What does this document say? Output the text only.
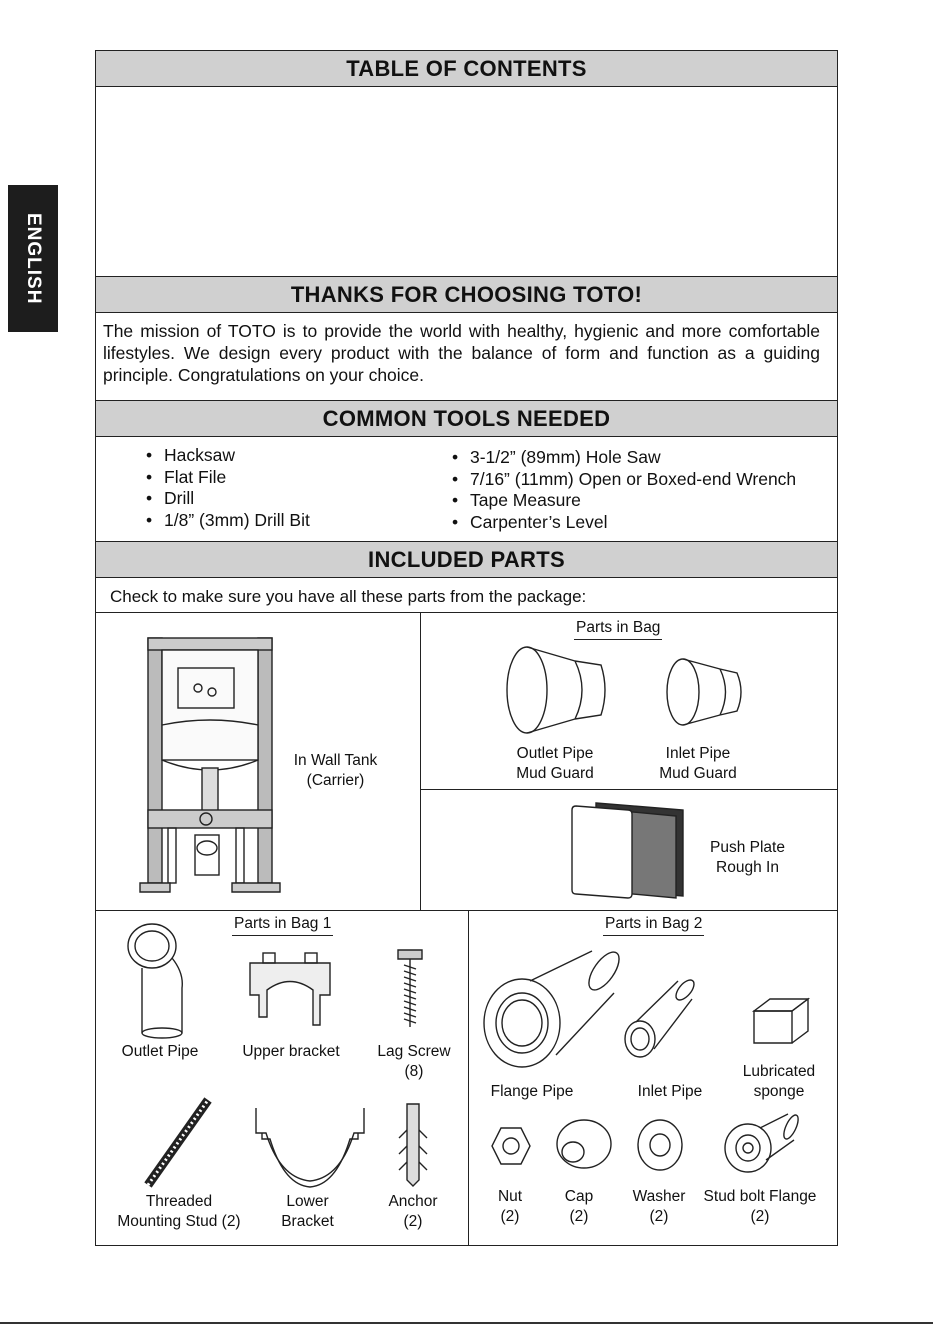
ENGLISH
TABLE OF CONTENTS
THANKS FOR CHOOSING TOTO!
COMMON TOOLS NEEDED
INCLUDED PARTS
The mission of TOTO is to provide the world with healthy, hygienic and more comfortable lifestyles. We design every product with the balance of form and function as a guiding principle. Congratulations on your choice.
• Hacksaw
• Flat File
• Drill
• 1/8” (3mm) Drill Bit
• 3-1/2” (89mm) Hole Saw
• 7/16” (11mm) Open or Boxed-end Wrench
• Tape Measure
• Carpenter’s Level
Check to make sure you have all these parts from the package:
In Wall Tank
(Carrier)
Parts in Bag
Outlet Pipe
Mud Guard
Inlet Pipe
Mud Guard
Push Plate
Rough In
Parts in Bag 1
Outlet Pipe	Upper bracket	Lag Screw
(8)
Threaded
Mounting Stud (2)
Lower
Bracket
Anchor
(2)
Parts in Bag 2
Flange Pipe	Inlet Pipe
Lubricated
sponge
Nut
(2)
Cap
(2)
Washer
(2)
Stud bolt Flange
(2)
